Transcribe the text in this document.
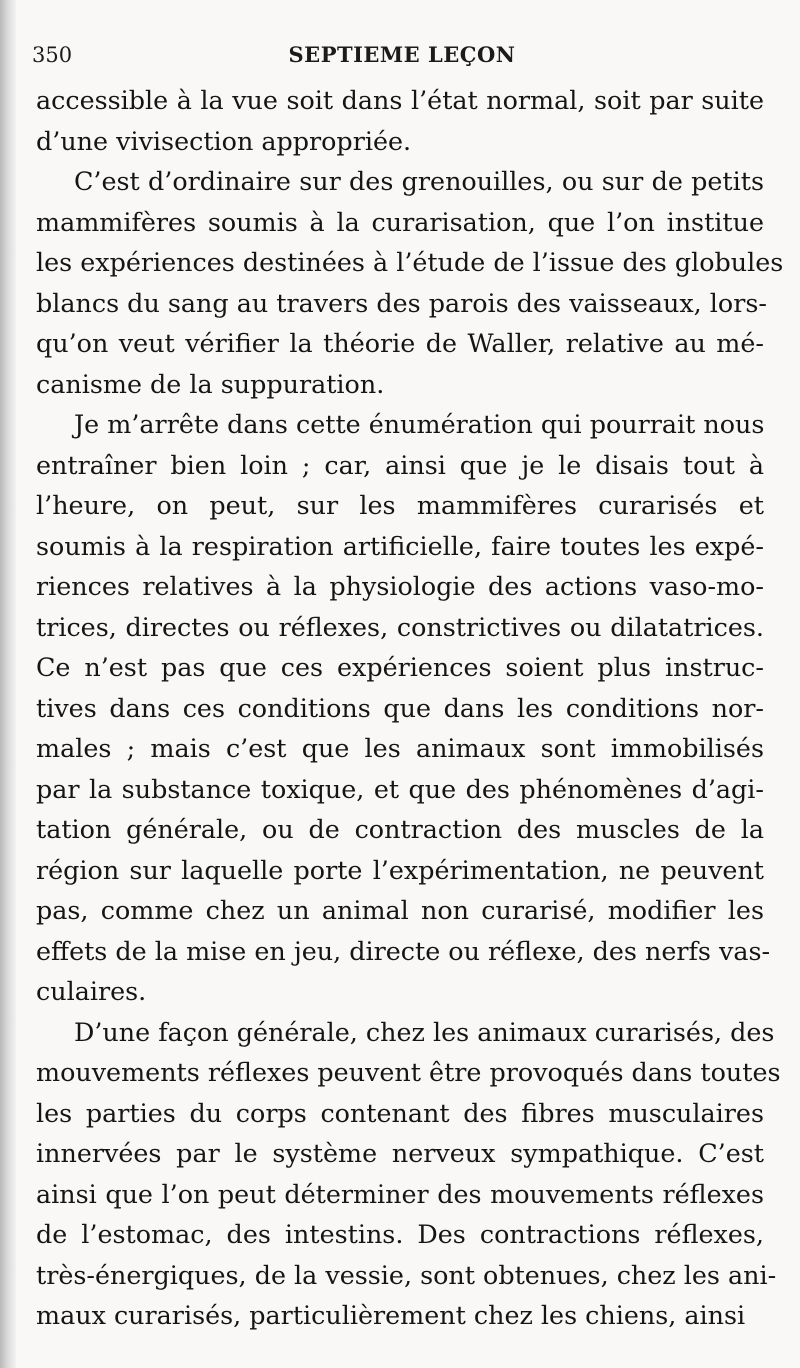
350	SEPTIEME LEÇON
accessible à la vue soit dans l’état normal, soit par suite
d’une vivisection appropriée.
C’est d’ordinaire sur des grenouilles, ou sur de petits
mammifères soumis à la curarisation, que l’on institue
les expériences destinées à l’étude de l’issue des globules
blancs du sang au travers des parois des vaisseaux, lors-
qu’on veut vérifier la théorie de Waller, relative au mé-
canisme de la suppuration.
Je m’arrête dans cette énumération qui pourrait nous
entraîner bien loin ; car, ainsi que je le disais tout à
l’heure, on peut, sur les mammifères curarisés et
soumis à la respiration artificielle, faire toutes les expé-
riences relatives à la physiologie des actions vaso-mo-
trices, directes ou réflexes, constrictives ou dilatatrices.
Ce n’est pas que ces expériences soient plus instruc-
tives dans ces conditions que dans les conditions nor-
males ; mais c’est que les animaux sont immobilisés
par la substance toxique, et que des phénomènes d’agi-
tation générale, ou de contraction des muscles de la
région sur laquelle porte l’expérimentation, ne peuvent
pas, comme chez un animal non curarisé, modifier les
effets de la mise en jeu, directe ou réflexe, des nerfs vas-
culaires.
D’une façon générale, chez les animaux curarisés, des
mouvements réflexes peuvent être provoqués dans toutes
les parties du corps contenant des fibres musculaires
innervées par le système nerveux sympathique. C’est
ainsi que l’on peut déterminer des mouvements réflexes
de l’estomac, des intestins. Des contractions réflexes,
très-énergiques, de la vessie, sont obtenues, chez les ani-
maux curarisés, particulièrement chez les chiens, ainsi
